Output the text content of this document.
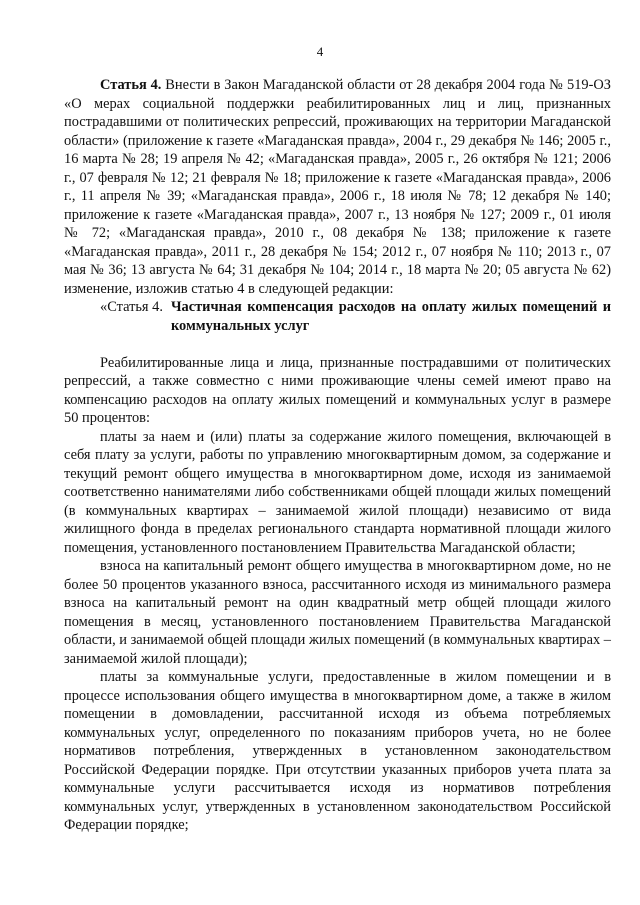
4

Статья 4. Внести в Закон Магаданской области от 28 декабря 2004 года № 519-ОЗ «О мерах социальной поддержки реабилитированных лиц и лиц, признанных пострадавшими от политических репрессий, проживающих на территории Магаданской области» (приложение к газете «Магаданская правда», 2004 г., 29 декабря № 146; 2005 г., 16 марта № 28; 19 апреля № 42; «Магаданская правда», 2005 г., 26 октября № 121; 2006 г., 07 февраля № 12; 21 февраля № 18; приложение к газете «Магаданская правда», 2006 г., 11 апреля № 39; «Магаданская правда», 2006 г., 18 июля № 78; 12 декабря № 140; приложение к газете «Магаданская правда», 2007 г., 13 ноября № 127; 2009 г., 01 июля № 72; «Магаданская правда», 2010 г., 08 декабря № 138; приложение к газете «Магаданская правда», 2011 г., 28 декабря № 154; 2012 г., 07 ноября № 110; 2013 г., 07 мая № 36; 13 августа № 64; 31 декабря № 104; 2014 г., 18 марта № 20; 05 августа № 62) изменение, изложив статью 4 в следующей редакции:

«Статья 4. Частичная компенсация расходов на оплату жилых помещений и коммунальных услуг

Реабилитированные лица и лица, признанные пострадавшими от политических репрессий, а также совместно с ними проживающие члены семей имеют право на компенсацию расходов на оплату жилых помещений и коммунальных услуг в размере 50 процентов:

платы за наем и (или) платы за содержание жилого помещения, включающей в себя плату за услуги, работы по управлению многоквартирным домом, за содержание и текущий ремонт общего имущества в многоквартирном доме, исходя из занимаемой соответственно нанимателями либо собственниками общей площади жилых помещений (в коммунальных квартирах – занимаемой жилой площади) независимо от вида жилищного фонда в пределах регионального стандарта нормативной площади жилого помещения, установленного постановлением Правительства Магаданской области;

взноса на капитальный ремонт общего имущества в многоквартирном доме, но не более 50 процентов указанного взноса, рассчитанного исходя из минимального размера взноса на капитальный ремонт на один квадратный метр общей площади жилого помещения в месяц, установленного постановлением Правительства Магаданской области, и занимаемой общей площади жилых помещений (в коммунальных квартирах – занимаемой жилой площади);

платы за коммунальные услуги, предоставленные в жилом помещении и в процессе использования общего имущества в многоквартирном доме, а также в жилом помещении в домовладении, рассчитанной исходя из объема потребляемых коммунальных услуг, определенного по показаниям приборов учета, но не более нормативов потребления, утвержденных в установленном законодательством Российской Федерации порядке. При отсутствии указанных приборов учета плата за коммунальные услуги рассчитывается исходя из нормативов потребления коммунальных услуг, утвержденных в установленном законодательством Российской Федерации порядке;
